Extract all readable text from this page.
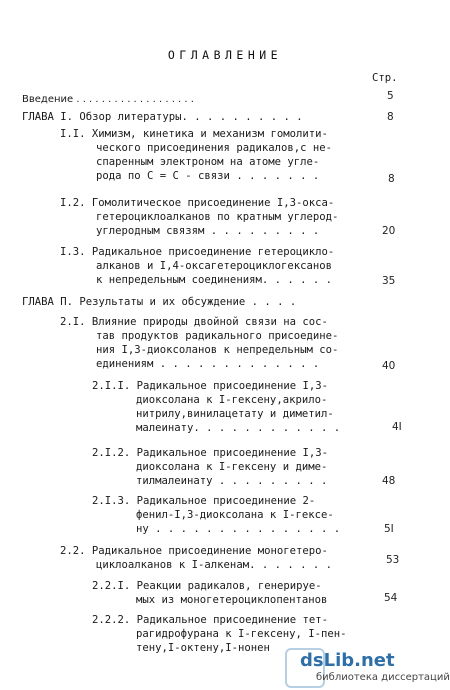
ОГЛАВЛЕНИЕ
Стр.
Введение . . . . . . . . . . . . . . . . . . .	5
ГЛАВА I. Обзор литературы. . . . . . . . . .	8
I.I. Химизм, кинетика и механизм гомолити-
ческого присоединения радикалов,с не-
спаренным электроном на атоме угле-
рода по С = С - связи . . . . . . .	8
I.2. Гомолитическое присоединение I,3-окса-
гетероциклоалканов по кратным углерод-
углеродным связям . . . . . . . . .	20
I.3. Радикальное присоединение гетероцикло-
алканов и I,4-оксагетероциклогексанов
к непредельным соединениям. . . . . .	35
ГЛАВА П. Результаты и их обсуждение . . . .
2.I. Влияние природы двойной связи на сос-
тав продуктов радикального присоедине-
ния I,3-диоксоланов к непредельным со-
единениям . . . . . . . . . . . . .	40
2.I.I. Радикальное присоединение I,3-
диоксолана к I-гексену,акрило-
нитрилу,винилацетату и диметил-
малеинату. . . . . . . . . . . .	4I
2.I.2. Радикальное присоединение I,3-
диоксолана к I-гексену и диме-
тилмалеинату . . . . . . . . .	48
2.I.3. Радикальное присоединение 2-
фенил-I,3-диоксолана к I-гексе-
ну . . . . . . . . . . . . . . .	5I
2.2. Радикальное присоединение моногетеро-
циклоалканов к I-алкенам. . . . . . .	53
2.2.I. Реакции радикалов, генерируе-
мых из моногетероциклопентанов	54
2.2.2. Радикальное присоединение тет-
рагидрофурана к I-гексену, I-пен-
тену,I-октену,I-нонен
dsLib.net
библиотека диссертаций
